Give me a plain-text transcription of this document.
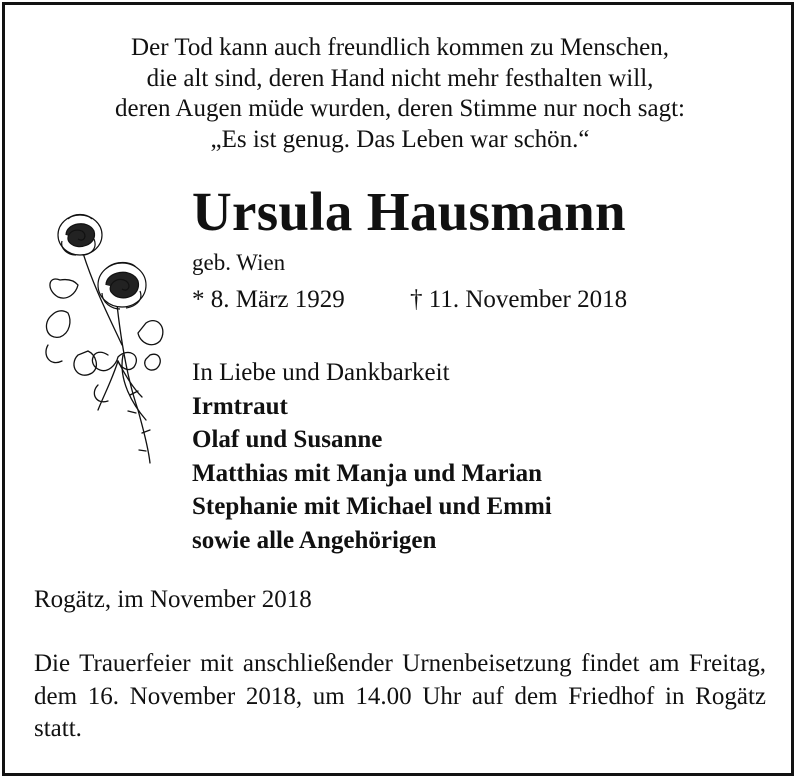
Der Tod kann auch freundlich kommen zu Menschen,
die alt sind, deren Hand nicht mehr festhalten will,
deren Augen müde wurden, deren Stimme nur noch sagt:
„Es ist genug. Das Leben war schön.“
Ursula Hausmann
geb. Wien
* 8. März 1929	† 11. November 2018
In Liebe und Dankbarkeit
Irmtraut
Olaf und Susanne
Matthias mit Manja und Marian
Stephanie mit Michael und Emmi
sowie alle Angehörigen
Rogätz, im November 2018
Die Trauerfeier mit anschließender Urnenbeisetzung findet am Freitag, dem 16. November 2018, um 14.00 Uhr auf dem Friedhof in Rogätz statt.
